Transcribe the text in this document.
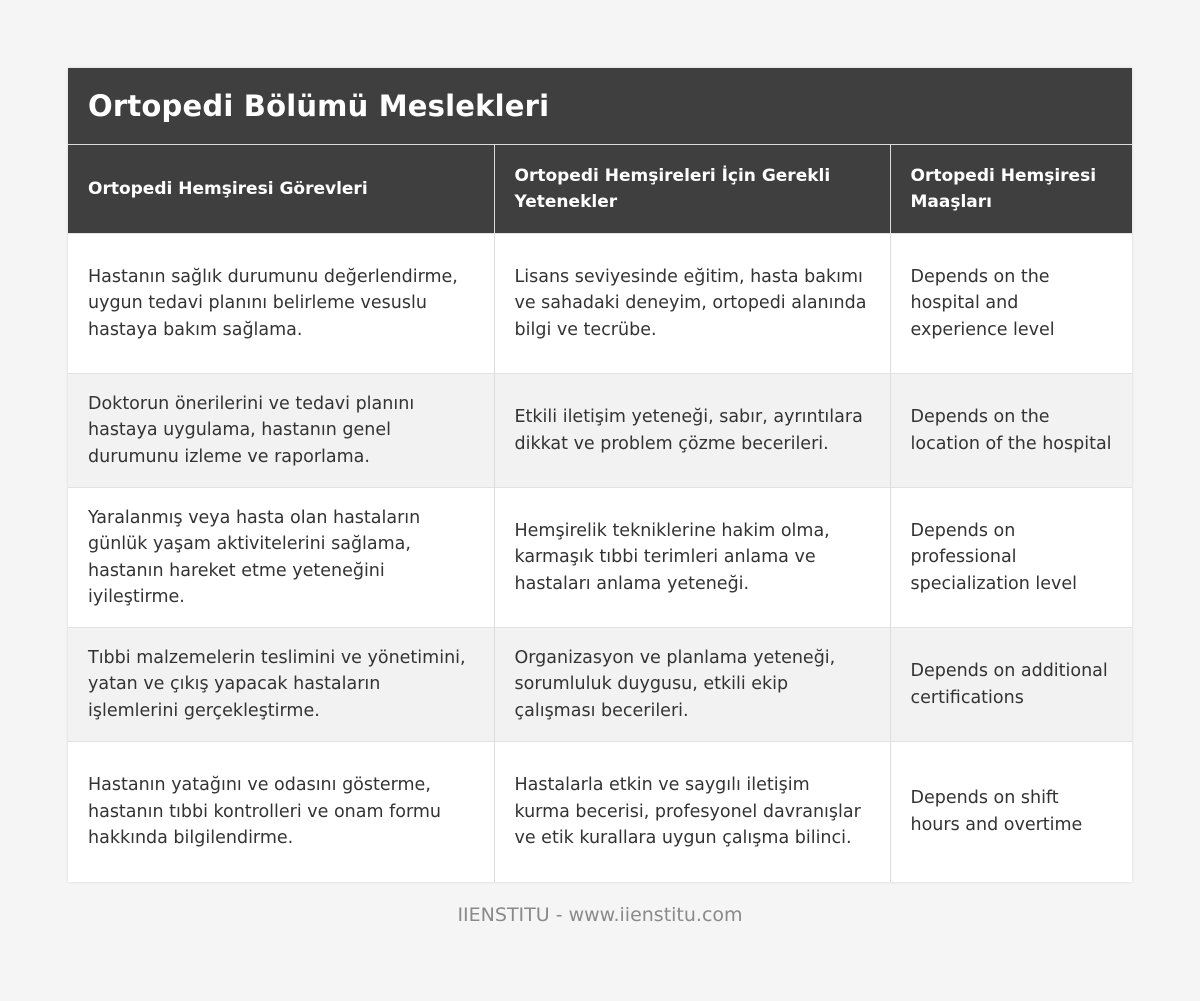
Ortopedi Bölümü Meslekleri
Ortopedi Hemşiresi Görevleri	Ortopedi Hemşireleri İçin Gerekli Yetenekler	Ortopedi Hemşiresi Maaşları
Hastanın sağlık durumunu değerlendirme, uygun tedavi planını belirleme vesuslu hastaya bakım sağlama.	Lisans seviyesinde eğitim, hasta bakımı ve sahadaki deneyim, ortopedi alanında bilgi ve tecrübe.	Depends on the hospital and experience level
Doktorun önerilerini ve tedavi planını hastaya uygulama, hastanın genel durumunu izleme ve raporlama.	Etkili iletişim yeteneği, sabır, ayrıntılara dikkat ve problem çözme becerileri.	Depends on the location of the hospital
Yaralanmış veya hasta olan hastaların günlük yaşam aktivitelerini sağlama, hastanın hareket etme yeteneğini iyileştirme.	Hemşirelik tekniklerine hakim olma, karmaşık tıbbi terimleri anlama ve hastaları anlama yeteneği.	Depends on professional specialization level
Tıbbi malzemelerin teslimini ve yönetimini, yatan ve çıkış yapacak hastaların işlemlerini gerçekleştirme.	Organizasyon ve planlama yeteneği, sorumluluk duygusu, etkili ekip çalışması becerileri.	Depends on additional certifications
Hastanın yatağını ve odasını gösterme, hastanın tıbbi kontrolleri ve onam formu hakkında bilgilendirme.	Hastalarla etkin ve saygılı iletişim kurma becerisi, profesyonel davranışlar ve etik kurallara uygun çalışma bilinci.	Depends on shift hours and overtime
IIENSTITU - www.iienstitu.com
